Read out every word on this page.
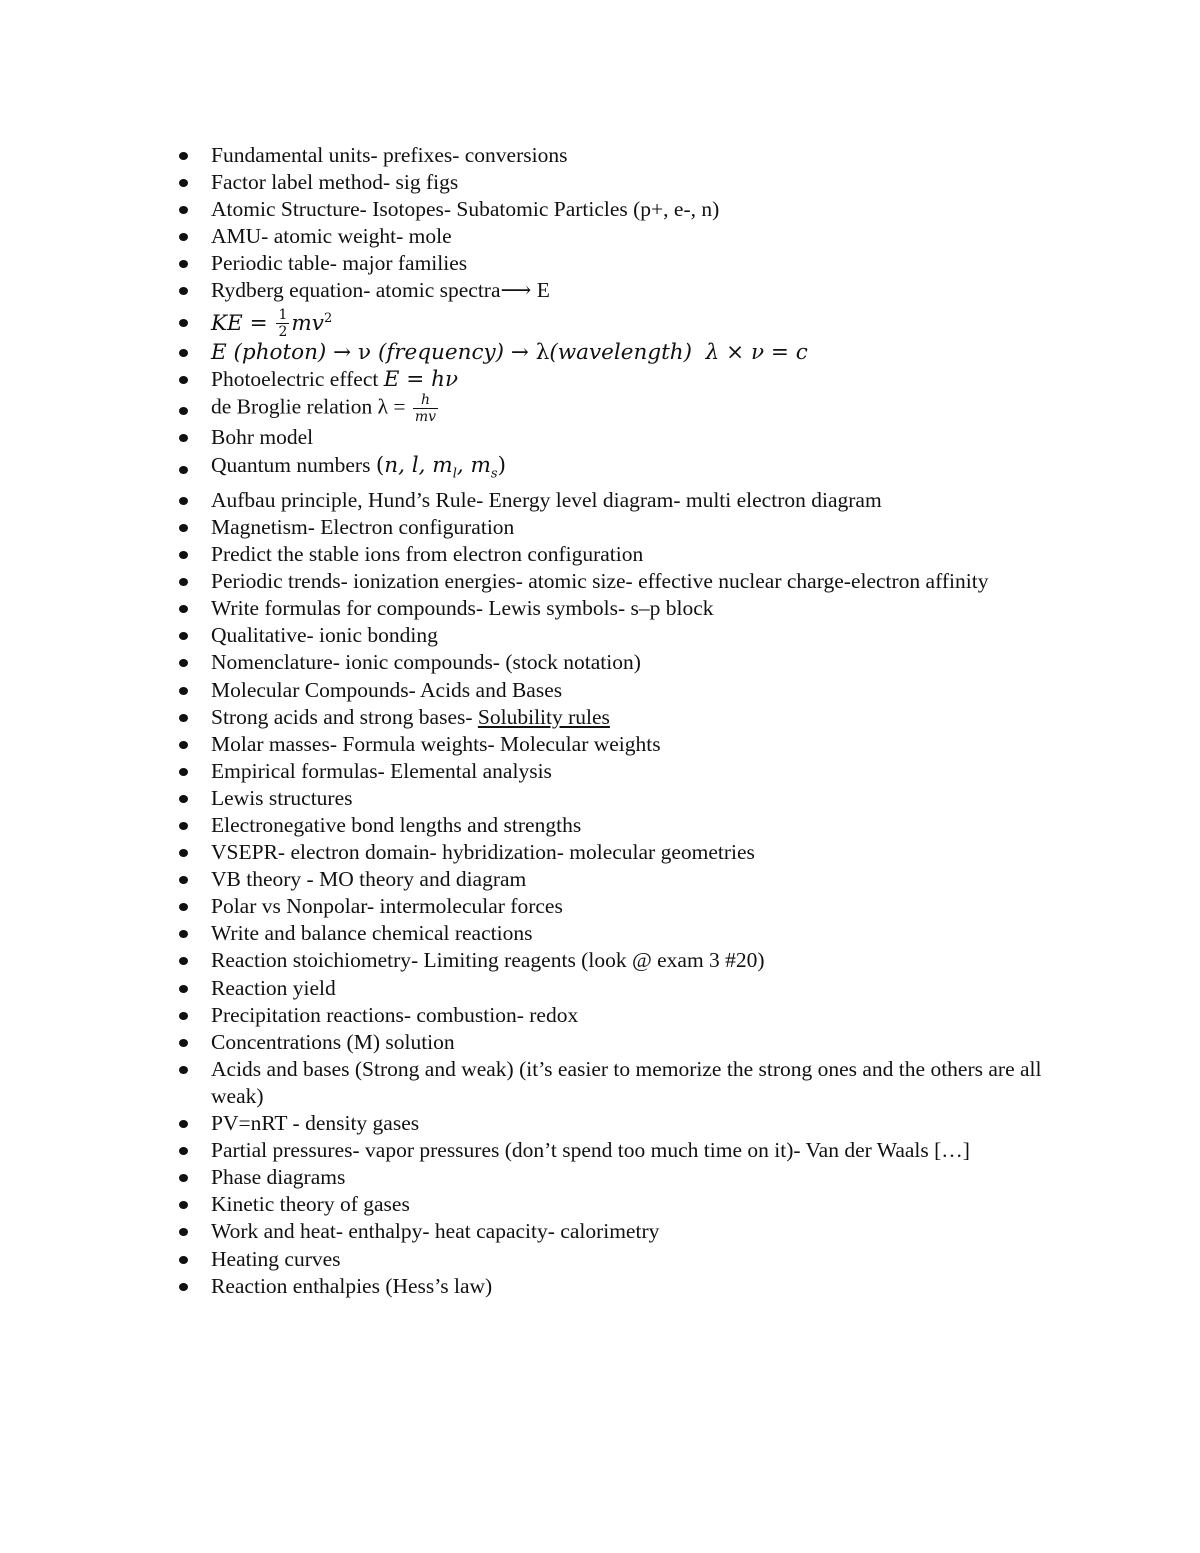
Fundamental units- prefixes- conversions
Factor label method- sig figs
Atomic Structure- Isotopes- Subatomic Particles (p+, e-, n)
AMU- atomic weight- mole
Periodic table- major families
Rydberg equation- atomic spectra⟶ E
KE = $\frac{1}{2} mv^2$
E (photon) → ν (frequency) → λ(wavelength) λ × ν = c
Photoelectric effect E = hν
de Broglie relation $\lambda = \frac{h}{mv}$
Bohr model
Quantum numbers (n, l, $m_l$, $m_s$)
Aufbau principle, Hund’s Rule- Energy level diagram- multi electron diagram
Magnetism- Electron configuration
Predict the stable ions from electron configuration
Periodic trends- ionization energies- atomic size- effective nuclear charge-electron affinity
Write formulas for compounds- Lewis symbols- s–p block
Qualitative- ionic bonding
Nomenclature- ionic compounds- (stock notation)
Molecular Compounds- Acids and Bases
Strong acids and strong bases- Solubility rules
Molar masses- Formula weights- Molecular weights
Empirical formulas- Elemental analysis
Lewis structures
Electronegative bond lengths and strengths
VSEPR- electron domain- hybridization- molecular geometries
VB theory - MO theory and diagram
Polar vs Nonpolar- intermolecular forces
Write and balance chemical reactions
Reaction stoichiometry- Limiting reagents (look @ exam 3 #20)
Reaction yield
Precipitation reactions- combustion- redox
Concentrations (M) solution
Acids and bases (Strong and weak) (it’s easier to memorize the strong ones and the others are all weak)
PV=nRT - density gases
Partial pressures- vapor pressures (don’t spend too much time on it)- Van der Waals […]
Phase diagrams
Kinetic theory of gases
Work and heat- enthalpy- heat capacity- calorimetry
Heating curves
Reaction enthalpies (Hess’s law)
